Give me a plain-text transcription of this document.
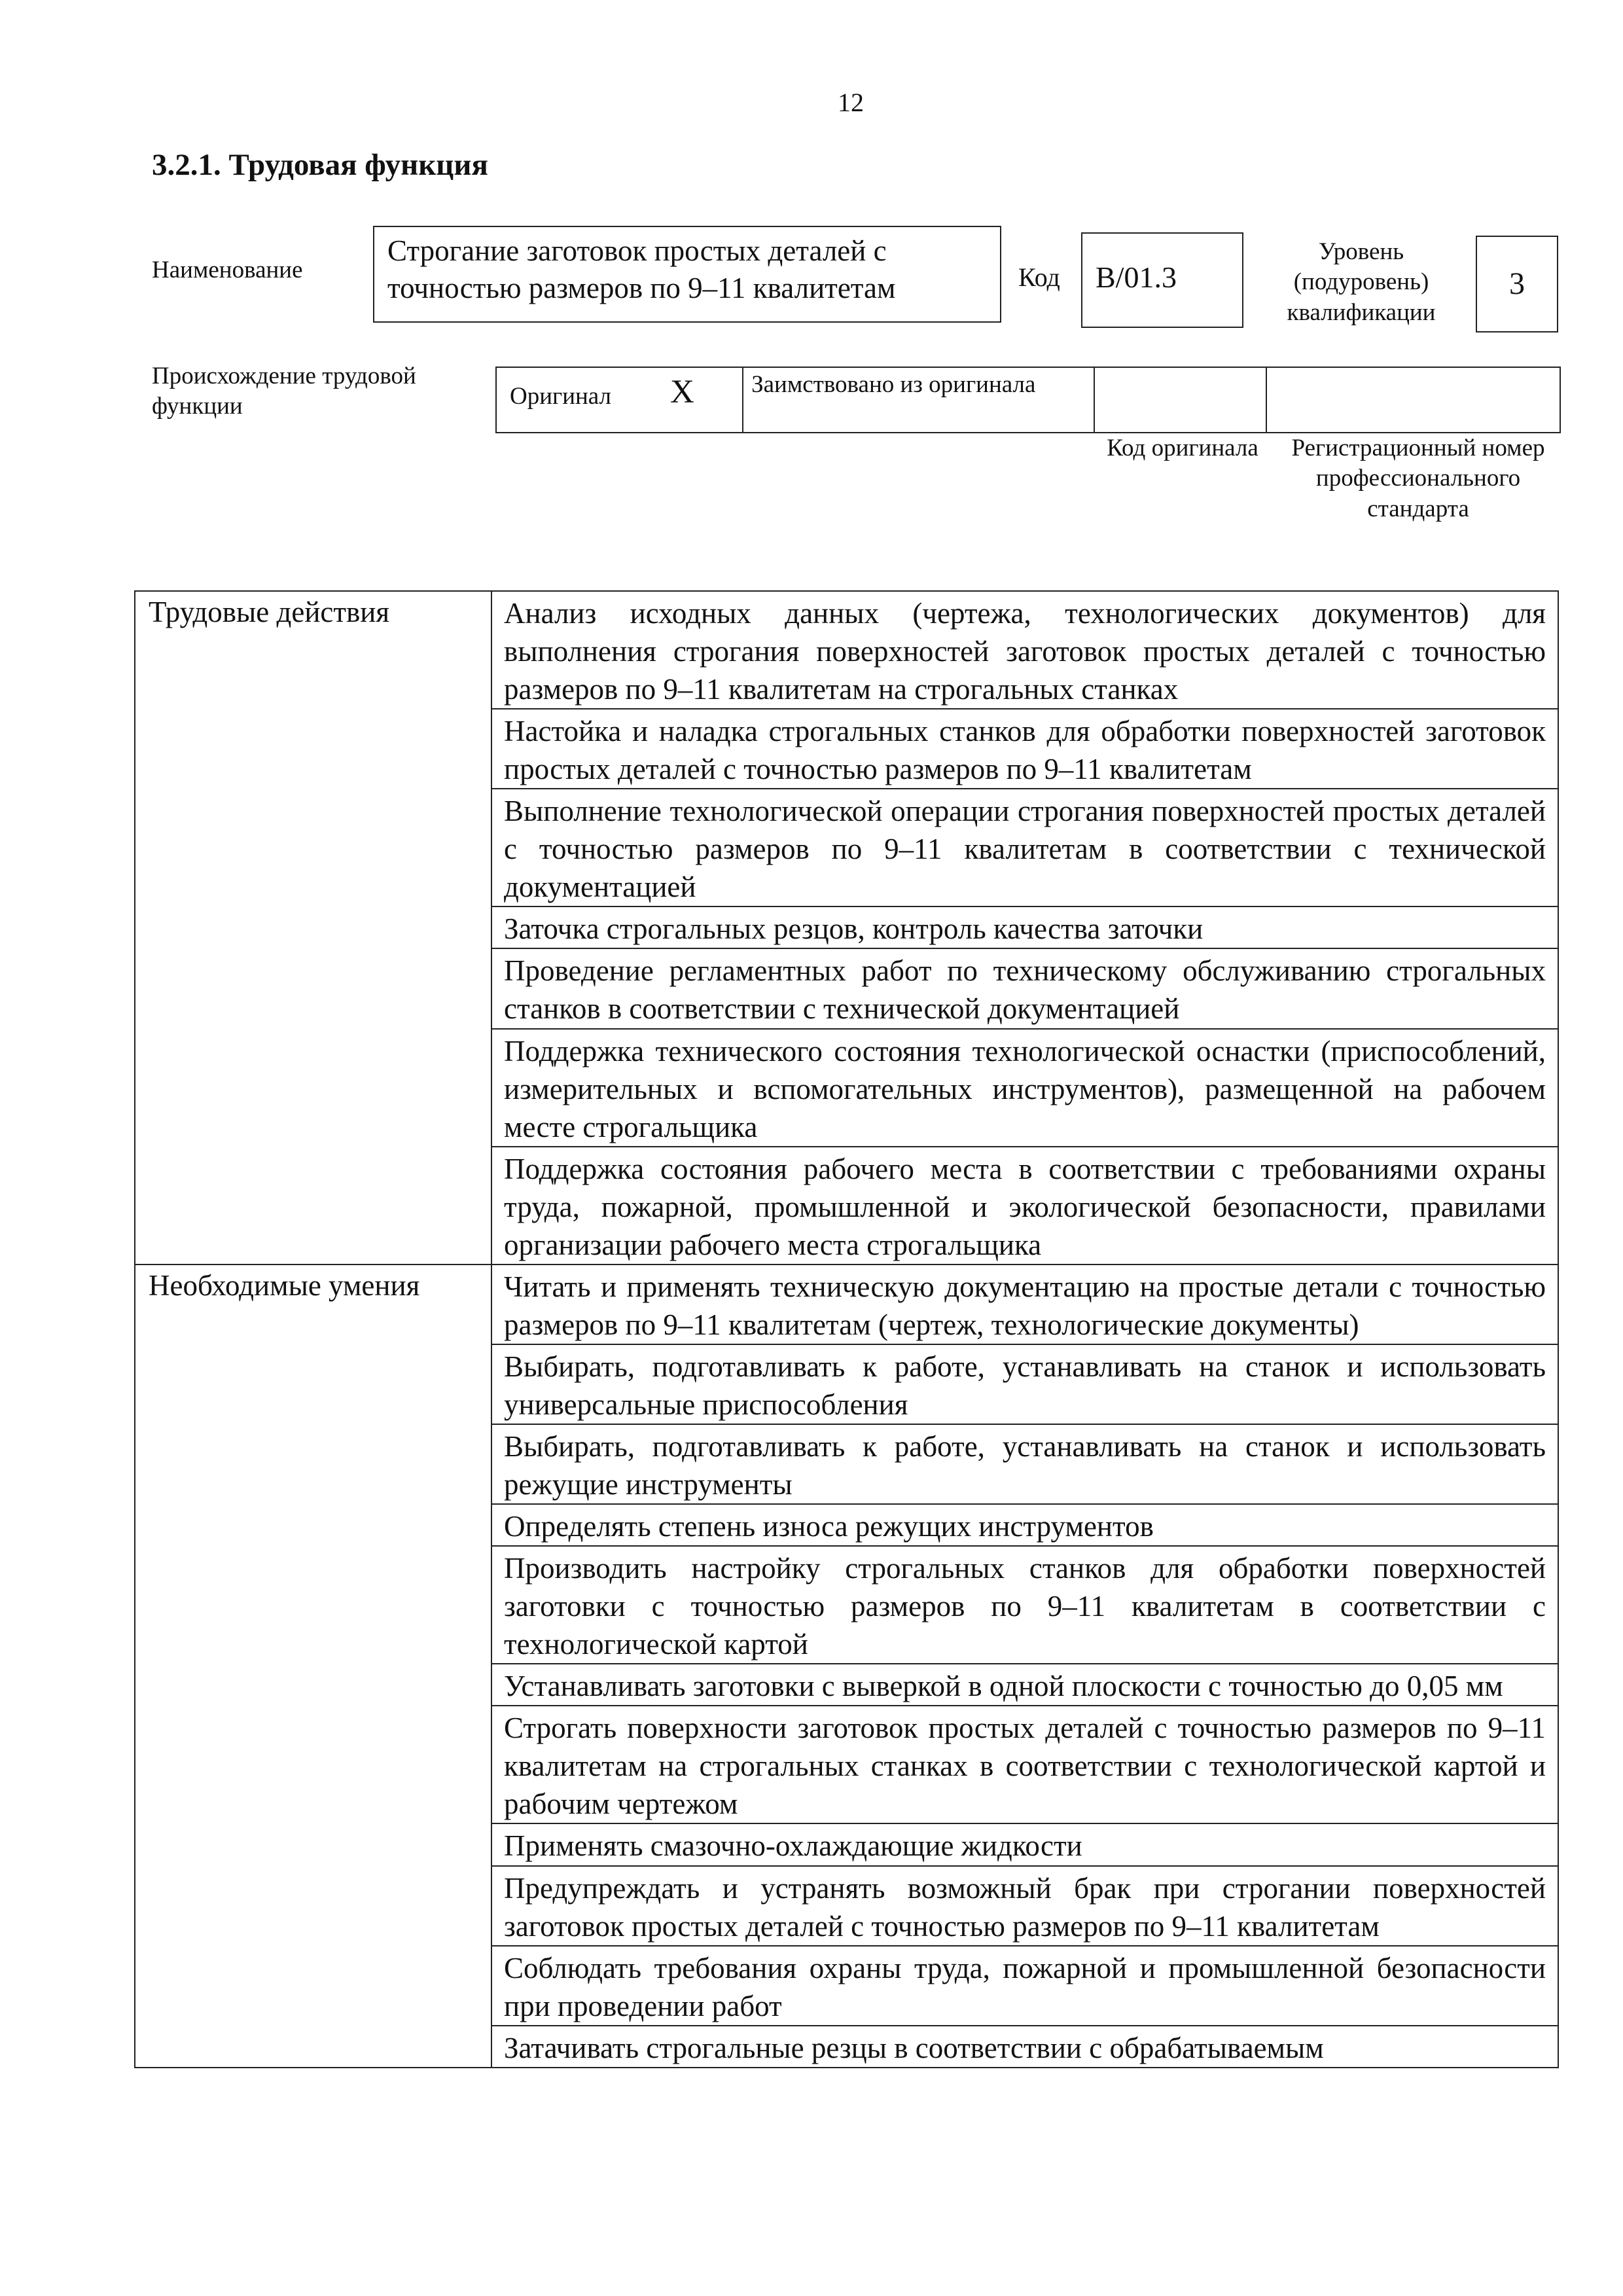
12
3.2.1. Трудовая функция
Наименование
Строгание заготовок простых деталей с точностью размеров по 9–11 квалитетам	Код	В/01.3
Уровень (подуровень) квалификации
3
Происхождение трудовой функции	Оригинал X	Заимствовано из оригинала
Код оригинала	Регистрационный номер профессионального стандарта
Трудовые действия	Анализ исходных данных (чертежа, технологических документов) для выполнения строгания поверхностей заготовок простых деталей с точностью размеров по 9–11 квалитетам на строгальных станках
	Настойка и наладка строгальных станков для обработки поверхностей заготовок простых деталей с точностью размеров по 9–11 квалитетам
	Выполнение технологической операции строгания поверхностей простых деталей с точностью размеров по 9–11 квалитетам в соответствии с технической документацией
	Заточка строгальных резцов, контроль качества заточки
	Проведение регламентных работ по техническому обслуживанию строгальных станков в соответствии с технической документацией
	Поддержка технического состояния технологической оснастки (приспособлений, измерительных и вспомогательных инструментов), размещенной на рабочем месте строгальщика
	Поддержка состояния рабочего места в соответствии с требованиями охраны труда, пожарной, промышленной и экологической безопасности, правилами организации рабочего места строгальщика
Необходимые умения	Читать и применять техническую документацию на простые детали с точностью размеров по 9–11 квалитетам (чертеж, технологические документы)
	Выбирать, подготавливать к работе, устанавливать на станок и использовать универсальные приспособления
	Выбирать, подготавливать к работе, устанавливать на станок и использовать режущие инструменты
	Определять степень износа режущих инструментов
	Производить настройку строгальных станков для обработки поверхностей заготовки с точностью размеров по 9–11 квалитетам в соответствии с технологической картой
	Устанавливать заготовки с выверкой в одной плоскости с точностью до 0,05 мм
	Строгать поверхности заготовок простых деталей с точностью размеров по 9–11 квалитетам на строгальных станках в соответствии с технологической картой и рабочим чертежом
	Применять смазочно-охлаждающие жидкости
	Предупреждать и устранять возможный брак при строгании поверхностей заготовок простых деталей с точностью размеров по 9–11 квалитетам
	Соблюдать требования охраны труда, пожарной и промышленной безопасности при проведении работ
	Затачивать строгальные резцы в соответствии с обрабатываемым
